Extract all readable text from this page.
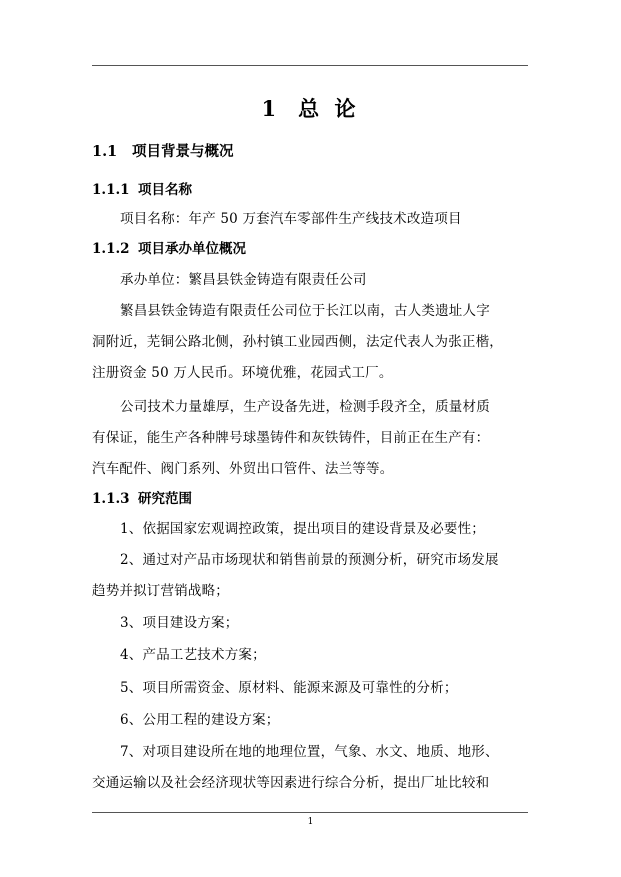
1 总 论
1.1 项目背景与概况
1.1.1 项目名称
项目名称：年产 50 万套汽车零部件生产线技术改造项目
1.1.2 项目承办单位概况
承办单位：繁昌县铁金铸造有限责任公司
繁昌县铁金铸造有限责任公司位于长江以南，古人类遗址人字
洞附近，芜铜公路北侧，孙村镇工业园西侧，法定代表人为张正楷，
注册资金 50 万人民币。环境优雅，花园式工厂。
公司技术力量雄厚，生产设备先进，检测手段齐全，质量材质
有保证，能生产各种牌号球墨铸件和灰铁铸件，目前正在生产有：
汽车配件、阀门系列、外贸出口管件、法兰等等。
1.1.3 研究范围
1、依据国家宏观调控政策，提出项目的建设背景及必要性；
2、通过对产品市场现状和销售前景的预测分析，研究市场发展
趋势并拟订营销战略；
3、项目建设方案；
4、产品工艺技术方案；
5、项目所需资金、原材料、能源来源及可靠性的分析；
6、公用工程的建设方案；
7、对项目建设所在地的地理位置，气象、水文、地质、地形、
交通运输以及社会经济现状等因素进行综合分析，提出厂址比较和
1
